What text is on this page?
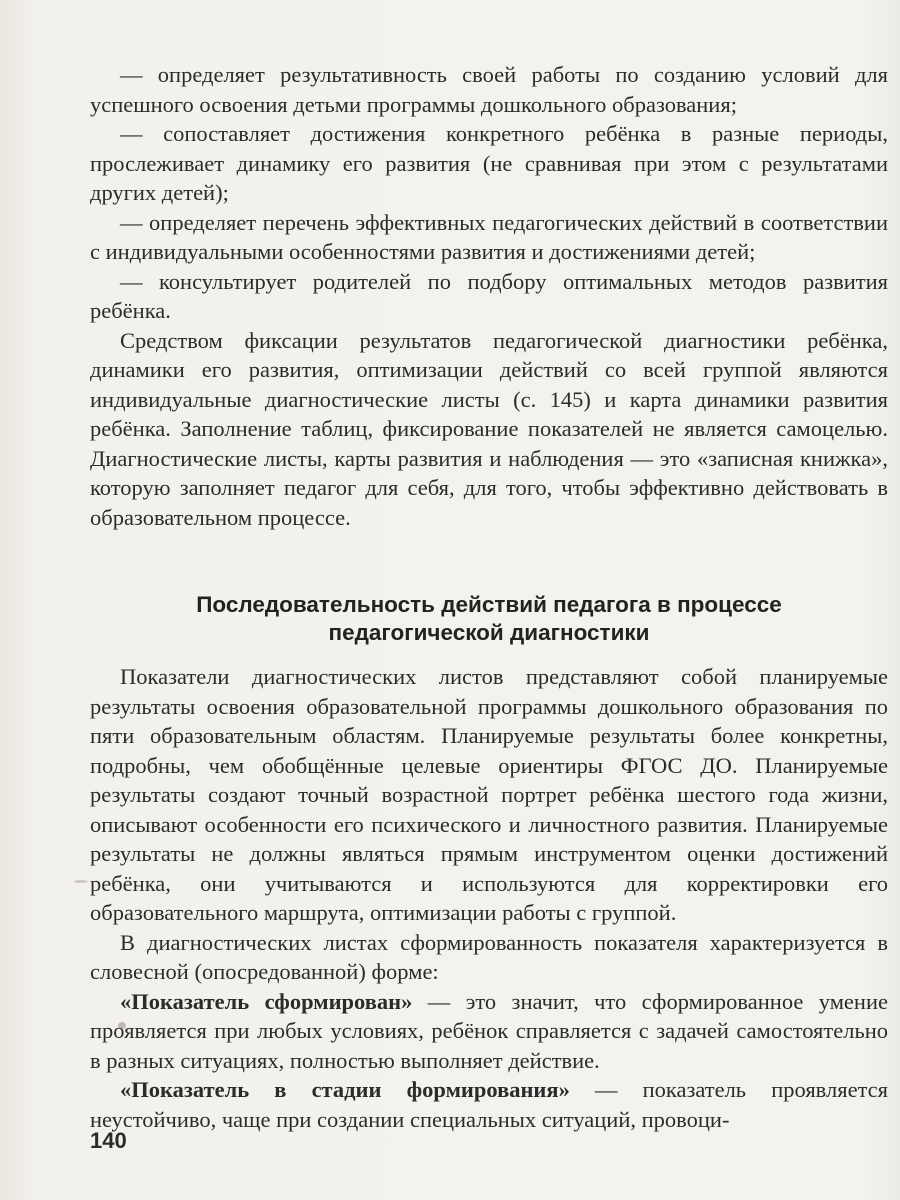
— определяет результативность своей работы по созданию условий для успешного освоения детьми программы дошкольного образования;

— сопоставляет достижения конкретного ребёнка в разные периоды, прослеживает динамику его развития (не сравнивая при этом с результатами других детей);

— определяет перечень эффективных педагогических действий в соответствии с индивидуальными особенностями развития и достижениями детей;

— консультирует родителей по подбору оптимальных методов развития ребёнка.

Средством фиксации результатов педагогической диагностики ребёнка, динамики его развития, оптимизации действий со всей группой являются индивидуальные диагностические листы (с. 145) и карта динамики развития ребёнка. Заполнение таблиц, фиксирование показателей не является самоцелью. Диагностические листы, карты развития и наблюдения — это «записная книжка», которую заполняет педагог для себя, для того, чтобы эффективно действовать в образовательном процессе.

Последовательность действий педагога в процессе
педагогической диагностики

Показатели диагностических листов представляют собой планируемые результаты освоения образовательной программы дошкольного образования по пяти образовательным областям. Планируемые результаты более конкретны, подробны, чем обобщённые целевые ориентиры ФГОС ДО. Планируемые результаты создают точный возрастной портрет ребёнка шестого года жизни, описывают особенности его психического и личностного развития. Планируемые результаты не должны являться прямым инструментом оценки достижений ребёнка, они учитываются и используются для корректировки его образовательного маршрута, оптимизации работы с группой.

В диагностических листах сформированность показателя характеризуется в словесной (опосредованной) форме:

«Показатель сформирован» — это значит, что сформированное умение проявляется при любых условиях, ребёнок справляется с задачей самостоятельно в разных ситуациях, полностью выполняет действие.

«Показатель в стадии формирования» — показатель проявляется неустойчиво, чаще при создании специальных ситуаций, провоци-

140
